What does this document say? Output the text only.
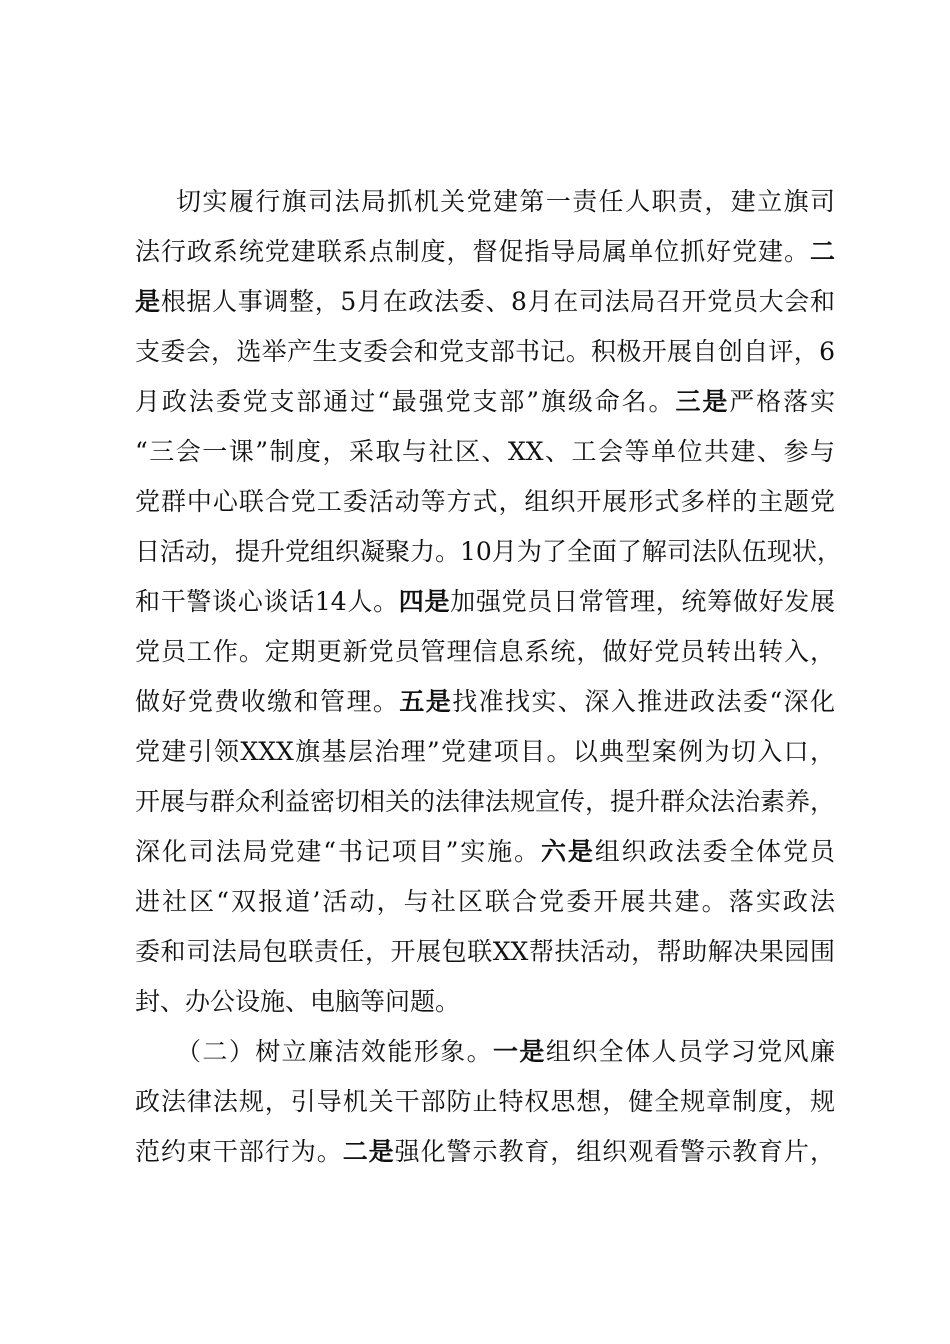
切实履行旗司法局抓机关党建第一责任人职责，建立旗司
法行政系统党建联系点制度，督促指导局属单位抓好党建。二
是根据人事调整，5月在政法委、8月在司法局召开党员大会和
支委会，选举产生支委会和党支部书记。积极开展自创自评，6
月政法委党支部通过“最强党支部”旗级命名。三是严格落实
“三会一课”制度，采取与社区、XX、工会等单位共建、参与
党群中心联合党工委活动等方式，组织开展形式多样的主题党
日活动，提升党组织凝聚力。10月为了全面了解司法队伍现状，
和干警谈心谈话14人。四是加强党员日常管理，统筹做好发展
党员工作。定期更新党员管理信息系统，做好党员转出转入，
做好党费收缴和管理。五是找准找实、深入推进政法委“深化
党建引领XXX旗基层治理”党建项目。以典型案例为切入口，
开展与群众利益密切相关的法律法规宣传，提升群众法治素养，
深化司法局党建“书记项目”实施。六是组织政法委全体党员
进社区“双报道’活动，与社区联合党委开展共建。落实政法
委和司法局包联责任，开展包联XX帮扶活动，帮助解决果园围
封、办公设施、电脑等问题。
（二）树立廉洁效能形象。一是组织全体人员学习党风廉
政法律法规，引导机关干部防止特权思想，健全规章制度，规
范约束干部行为。二是强化警示教育，组织观看警示教育片，
